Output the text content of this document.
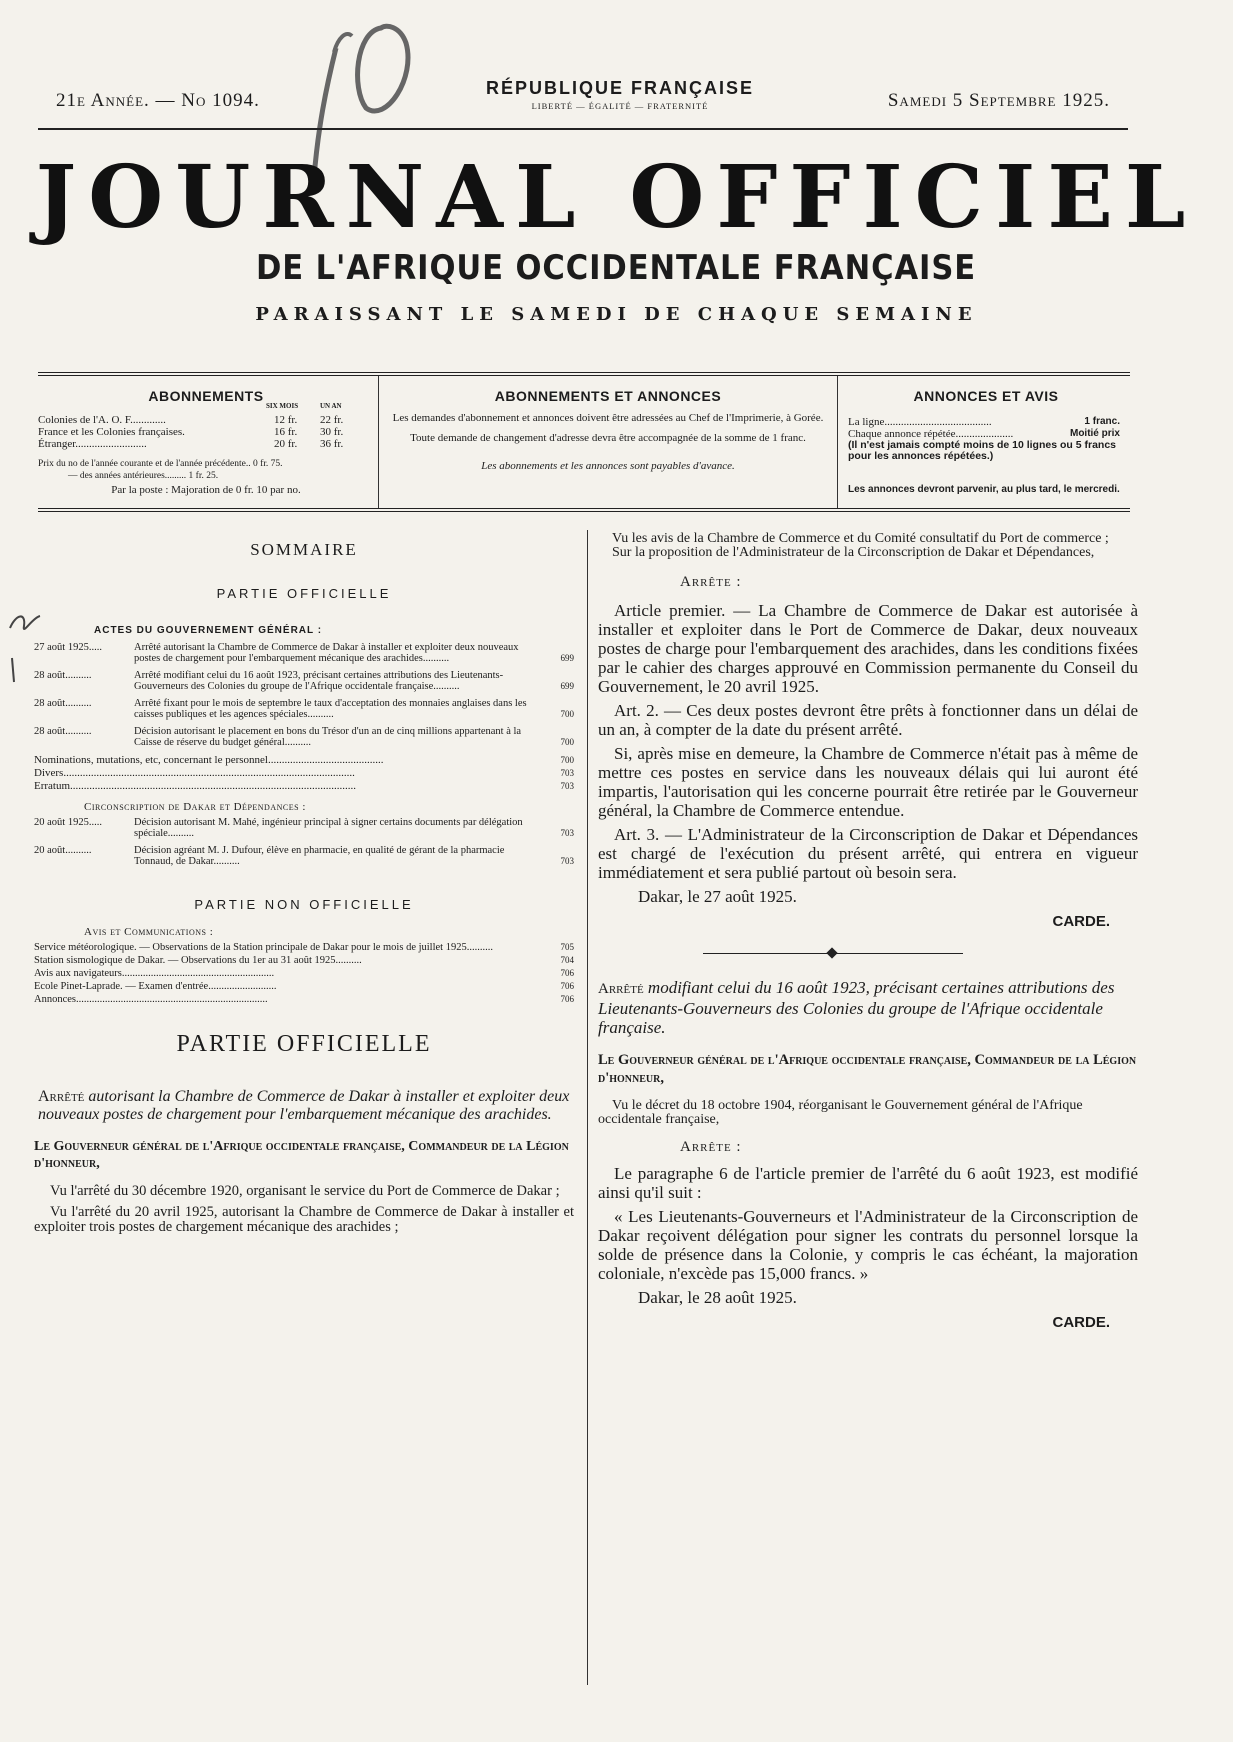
21e Année. — No 1094.
RÉPUBLIQUE FRANÇAISE
LIBERTÉ — ÉGALITÉ — FRATERNITÉ	Samedi 5 Septembre 1925.
JOURNAL OFFICIEL
DE L'AFRIQUE OCCIDENTALE FRANÇAISE
PARAISSANT LE SAMEDI DE CHAQUE SEMAINE
ABONNEMENTS
SIX MOIS	UN AN
Colonies de l'A. O. F.............	12 fr. 22 fr.
France et les Colonies françaises.	16 fr. 30 fr.
Étranger..........................	20 fr. 36 fr.
Prix du no de l'année courante et de l'année précédente.. 0 fr. 75.
— des années antérieures......... 1 fr. 25.
Par la poste : Majoration de 0 fr. 10 par no.
ABONNEMENTS ET ANNONCES

Les demandes d'abonnement et annonces doivent être adressées au Chef de l'Imprimerie, à Gorée.

Toute demande de changement d'adresse devra être accompagnée de la somme de 1 franc.

Les abonnements et les annonces sont payables d'avance.

ANNONCES ET AVIS
La ligne.......................................	1 franc.
Chaque annonce répétée.....................	Moitié prix
(Il n'est jamais compté moins de 10 lignes ou 5 francs pour les annonces répétées.)
Les annonces devront parvenir, au plus tard, le mercredi.
SOMMAIRE
PARTIE OFFICIELLE
ACTES DU GOUVERNEMENT GÉNÉRAL :
27 août 1925.....	Arrêté autorisant la Chambre de Commerce de Dakar à installer et exploiter deux nouveaux postes de chargement pour l'embarquement mécanique des arachides..........	699
28 août..........	Arrêté modifiant celui du 16 août 1923, précisant certaines attributions des Lieutenants-Gouverneurs des Colonies du groupe de l'Afrique occidentale française..........	699
28 août..........	Arrêté fixant pour le mois de septembre le taux d'acceptation des monnaies anglaises dans les caisses publiques et les agences spéciales..........	700
28 août..........	Décision autorisant le placement en bons du Trésor d'un an de cinq millions appartenant à la Caisse de réserve du budget général..........	700
Nominations, mutations, etc, concernant le personnel..........................................	700
Divers..........................................................................................................	703
Erratum........................................................................................................	703
Circonscription de Dakar et Dépendances :
20 août 1925.....	Décision autorisant M. Mahé, ingénieur principal à signer certains documents par délégation spéciale..........	703
20 août..........	Décision agréant M. J. Dufour, élève en pharmacie, en qualité de gérant de la pharmacie Tonnaud, de Dakar..........	703
PARTIE NON OFFICIELLE
Avis et Communications :
Service météorologique. — Observations de la Station principale de Dakar pour le mois de juillet 1925..........	705
Station sismologique de Dakar. — Observations du 1er au 31 août 1925..........	704
Avis aux navigateurs..........................................................	706
Ecole Pinet-Laprade. — Examen d'entrée..........................	706
Annonces.........................................................................	706
PARTIE OFFICIELLE
Arrêté autorisant la Chambre de Commerce de Dakar à installer et exploiter deux nouveaux postes de chargement pour l'embarquement mécanique des arachides.
Le Gouverneur général de l'Afrique occidentale française, Commandeur de la Légion d'honneur,
Vu l'arrêté du 30 décembre 1920, organisant le service du Port de Commerce de Dakar ;
Vu l'arrêté du 20 avril 1925, autorisant la Chambre de Commerce de Dakar à installer et exploiter trois postes de chargement mécanique des arachides ;
Vu les avis de la Chambre de Commerce et du Comité consultatif du Port de commerce ;
Sur la proposition de l'Administrateur de la Circonscription de Dakar et Dépendances,
Arrête :
Article premier. — La Chambre de Commerce de Dakar est autorisée à installer et exploiter dans le Port de Commerce de Dakar, deux nouveaux postes de charge pour l'embarquement des arachides, dans les conditions fixées par le cahier des charges approuvé en Commission permanente du Conseil du Gouvernement, le 20 avril 1925.
Art. 2. — Ces deux postes devront être prêts à fonctionner dans un délai de un an, à compter de la date du présent arrêté.
Si, après mise en demeure, la Chambre de Commerce n'était pas à même de mettre ces postes en service dans les nouveaux délais qui lui auront été impartis, l'autorisation qui les concerne pourrait être retirée par le Gouverneur général, la Chambre de Commerce entendue.
Art. 3. — L'Administrateur de la Circonscription de Dakar et Dépendances est chargé de l'exécution du présent arrêté, qui entrera en vigueur immédiatement et sera publié partout où besoin sera.
Dakar, le 27 août 1925.
CARDE.
Arrêté modifiant celui du 16 août 1923, précisant certaines attributions des Lieutenants-Gouverneurs des Colonies du groupe de l'Afrique occidentale française.
Le Gouverneur général de l'Afrique occidentale française, Commandeur de la Légion d'honneur,
Vu le décret du 18 octobre 1904, réorganisant le Gouvernement général de l'Afrique occidentale française,
Arrête :
Le paragraphe 6 de l'article premier de l'arrêté du 6 août 1923, est modifié ainsi qu'il suit :
« Les Lieutenants-Gouverneurs et l'Administrateur de la Circonscription de Dakar reçoivent délégation pour signer les contrats du personnel lorsque la solde de présence dans la Colonie, y compris le cas échéant, la majoration coloniale, n'excède pas 15,000 francs. »
Dakar, le 28 août 1925.
CARDE.
